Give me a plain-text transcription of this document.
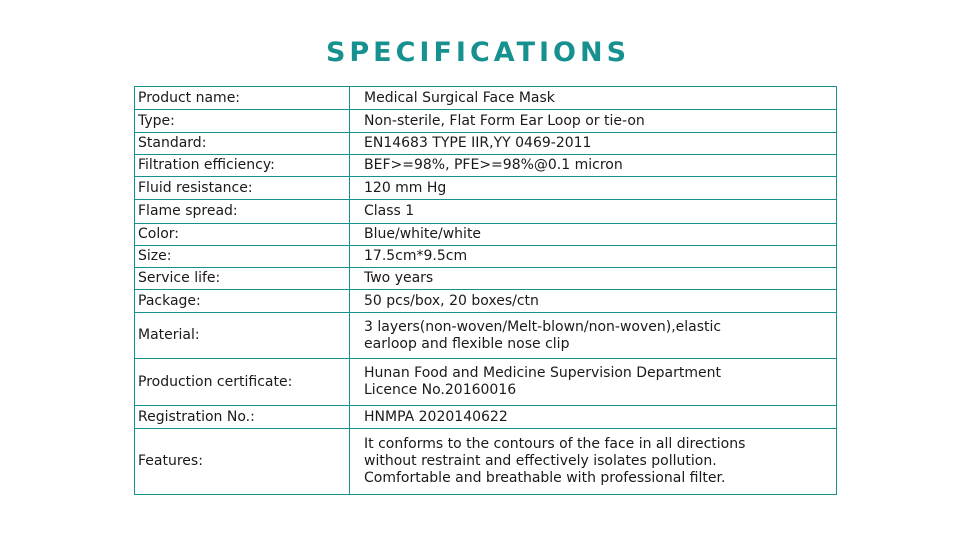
SPECIFICATIONS
Product name:	Medical Surgical Face Mask

Type:	Non-sterile, Flat Form Ear Loop or tie-on

Standard:	EN14683 TYPE IIR,YY 0469-2011

Filtration efficiency:	BEF>=98%, PFE>=98%@0.1 micron

Fluid resistance:	120 mm Hg

Flame spread:	Class 1

Color:	Blue/white/white

Size:	17.5cm*9.5cm

Service life:	Two years

Package:	50 pcs/box, 20 boxes/ctn

Material:	3 layers(non-woven/Melt-blown/non-woven),elastic
earloop and flexible nose clip

Production certificate:	Hunan Food and Medicine Supervision Department
Licence No.20160016

Registration No.:	HNMPA 2020140622

Features:	It conforms to the contours of the face in all directions
without restraint and effectively isolates pollution.
Comfortable and breathable with professional filter.
